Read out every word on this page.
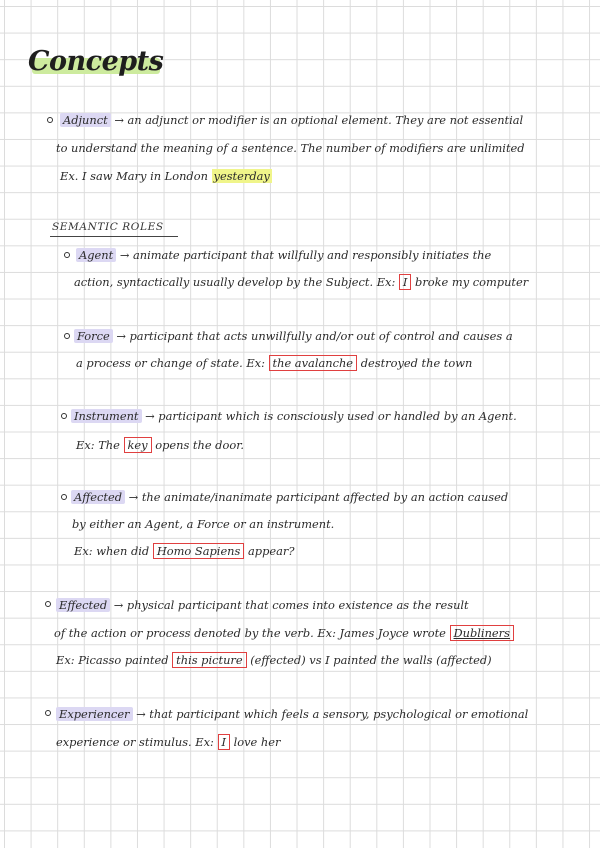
Concepts
Adjunct → an adjunct or modifier is an optional element. They are not essential
to understand the meaning of a sentence. The number of modifiers are unlimited
Ex. I saw Mary in London yesterday
SEMANTIC ROLES
Agent → animate participant that willfully and responsibly initiates the
action, syntactically usually develop by the Subject. Ex: I broke my computer
Force → participant that acts unwillfully and/or out of control and causes a
a process or change of state. Ex: the avalanche destroyed the town
Instrument → participant which is consciously used or handled by an Agent.
Ex: The key opens the door.
Affected → the animate/inanimate participant affected by an action caused
by either an Agent, a Force or an instrument.
Ex: when did Homo Sapiens appear?
Effected → physical participant that comes into existence as the result
of the action or process denoted by the verb. Ex: James Joyce wrote Dubliners
Ex: Picasso painted this picture (effected) vs I painted the walls (affected)
Experiencer → that participant which feels a sensory, psychological or emotional
experience or stimulus. Ex: I love her
